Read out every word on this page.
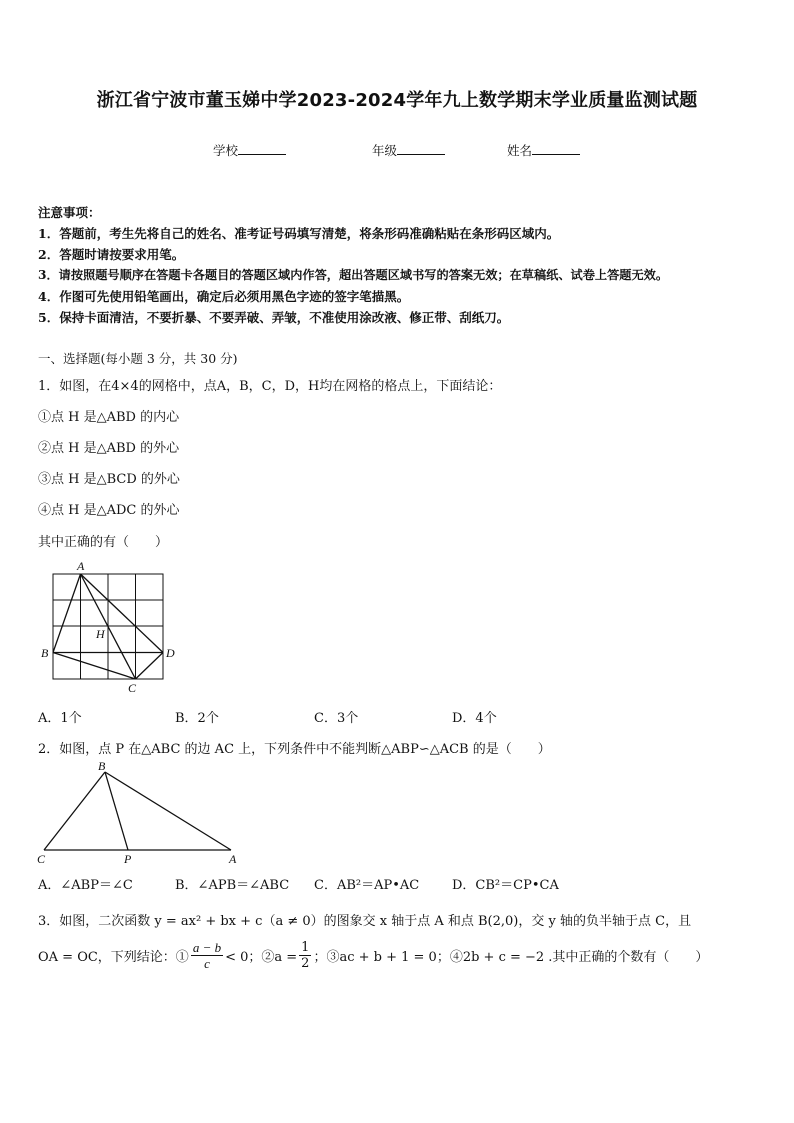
浙江省宁波市董玉娣中学2023-2024学年九上数学期末学业质量监测试题
学校	年级	姓名
注意事项：
1．答题前，考生先将自己的姓名、准考证号码填写清楚，将条形码准确粘贴在条形码区域内。
2．答题时请按要求用笔。
3．请按照题号顺序在答题卡各题目的答题区域内作答，超出答题区域书写的答案无效；在草稿纸、试卷上答题无效。
4．作图可先使用铅笔画出，确定后必须用黑色字迹的签字笔描黑。
5．保持卡面清洁，不要折暴、不要弄破、弄皱，不准使用涂改液、修正带、刮纸刀。
一、选择题(每小题 3 分，共 30 分)
1．如图，在4×4的网格中，点A，B，C，D，H均在网格的格点上，下面结论：
①点 H 是△ABD 的内心
②点 H 是△ABD 的外心
③点 H 是△BCD 的外心
④点 H 是△ADC 的外心
其中正确的有（　　）
A
B	D
C
H
A．1个	B．2个	C．3个	D．4个
2．如图，点 P 在△ABC 的边 AC 上，下列条件中不能判断△ABP∽△ACB 的是（　　）
B
C	P	A
A．∠ABP＝∠C	B．∠APB＝∠ABC C．AB²＝AP•AC	D．CB²＝CP•CA
3．如图，二次函数 y = ax² + bx + c（a ≠ 0）的图象交 x 轴于点 A 和点 B(2,0)，交 y 轴的负半轴于点 C，且
OA = OC，下列结论：① $\frac{a - b}{c} < 0$；②a = $\frac{1}{2}$ ；③ac + b + 1 = 0；④2b + c = −2 .其中正确的个数有（　　）
